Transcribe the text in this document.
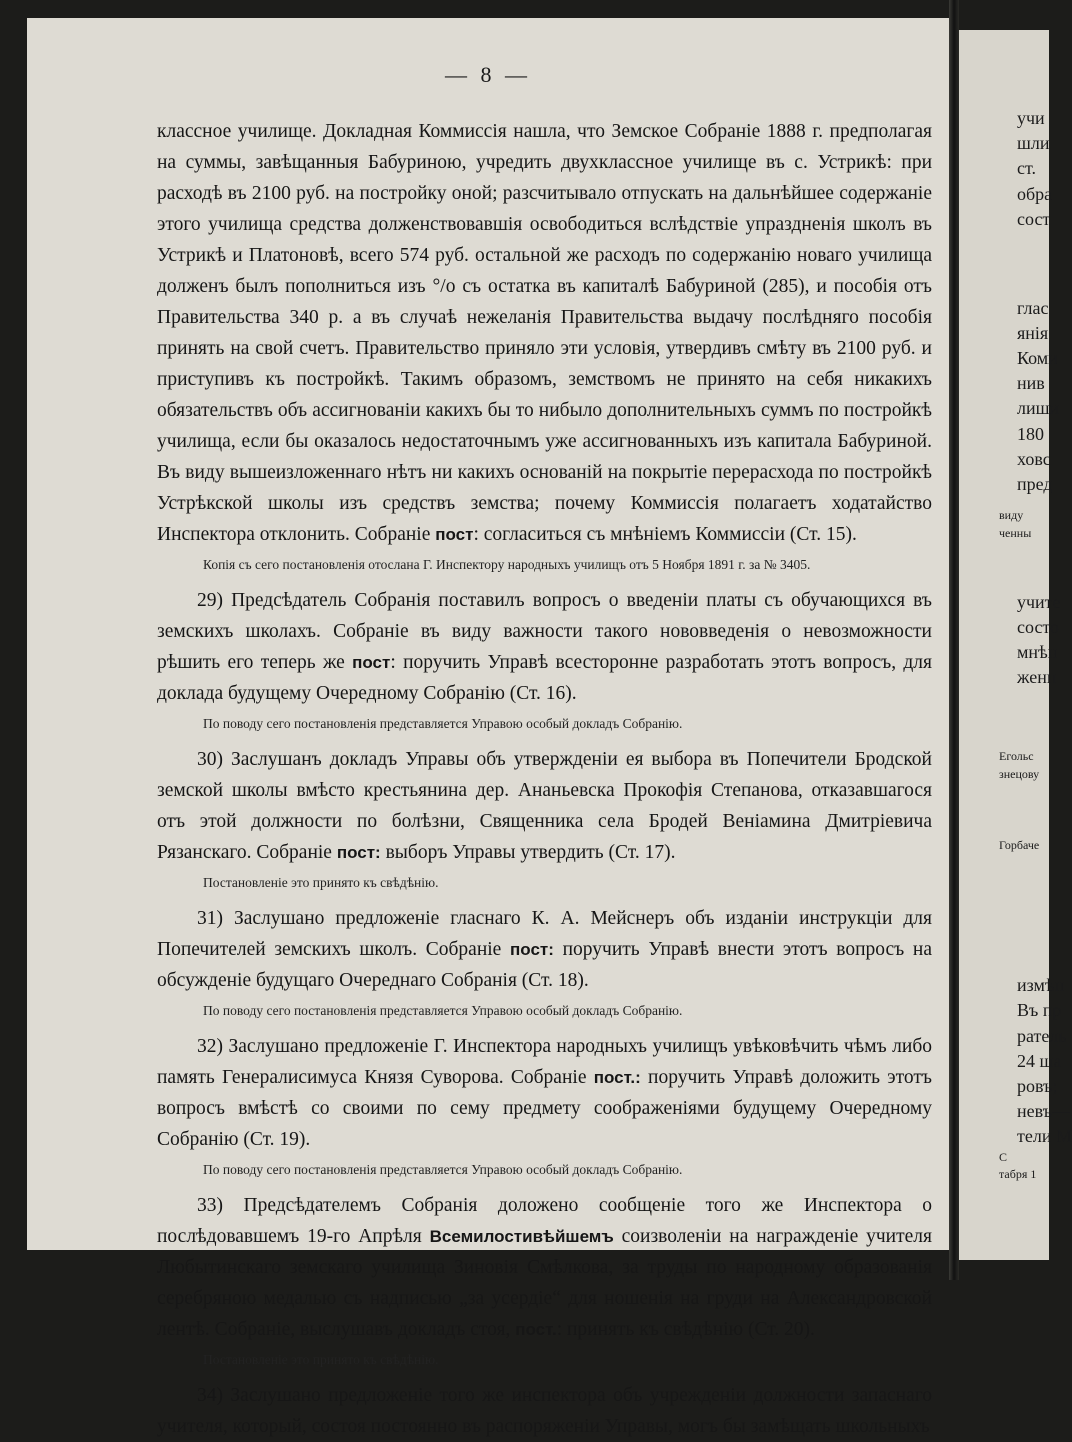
— 8 —

классное училище. Докладная Коммиссія нашла, что Земское Собраніе 1888 г. предполагая на суммы, завѣщанныя Бабуриною, учредить двухклассное училище въ с. Устрикѣ: при расходѣ въ 2100 руб. на постройку оной; разсчитывало отпускать на дальнѣйшее содержаніе этого училища средства долженствовавшія освободиться вслѣдствіе упраздненія школъ въ Устрикѣ и Платоновѣ, всего 574 руб. остальной же расходъ по содержанію новаго училища долженъ былъ пополниться изъ °/о съ остатка въ капиталѣ Бабуриной (285), и пособія отъ Правительства 340 р. а въ случаѣ нежеланія Правительства выдачу послѣдняго пособія принять на свой счетъ. Правительство приняло эти условія, утвердивъ смѣту въ 2100 руб. и приступивъ къ постройкѣ. Такимъ образомъ, земствомъ не принято на себя никакихъ обязательствъ объ ассигнованіи какихъ бы то нибыло дополнительныхъ суммъ по постройкѣ училища, если бы оказалось недостаточнымъ уже ассигнованныхъ изъ капитала Бабуриной. Въ виду вышеизложеннаго нѣтъ ни какихъ основаній на покрытіе перерасхода по постройкѣ Устрѣкской школы изъ средствъ земства; почему Коммиссія полагаетъ ходатайство Инспектора отклонить. Собраніе пост: согласиться съ мнѣніемъ Коммиссіи (Ст. 15).

Копія съ сего постановленія отослана Г. Инспектору народныхъ училищъ отъ 5 Ноября 1891 г. за № 3405.

29) Предсѣдатель Собранія поставилъ вопросъ о введеніи платы съ обучающихся въ земскихъ школахъ. Собраніе въ виду важности такого нововведенія о невозможности рѣшить его теперь же пост: поручить Управѣ всесторонне разработать этотъ вопросъ, для доклада будущему Очередному Собранію (Ст. 16).

По поводу сего постановленія представляется Управою особый докладъ Собранію.

30) Заслушанъ докладъ Управы объ утвержденіи ея выбора въ Попечители Бродской земской школы вмѣсто крестьянина дер. Ананьевска Прокофія Степанова, отказавшагося отъ этой должности по болѣзни, Священника села Бродей Веніамина Дмитріевича Рязанскаго. Собраніе пост: выборъ Управы утвердить (Ст. 17).

Постановленіе это принято къ свѣдѣнію.

31) Заслушано предложеніе гласнаго К. А. Мейснеръ объ изданіи инструкціи для Попечителей земскихъ школъ. Собраніе пост: поручить Управѣ внести этотъ вопросъ на обсужденіе будущаго Очереднаго Собранія (Ст. 18).

По поводу сего постановленія представляется Управою особый докладъ Собранію.

32) Заслушано предложеніе Г. Инспектора народныхъ училищъ увѣковѣчить чѣмъ либо память Генералисимуса Князя Суворова. Собраніе пост.: поручить Управѣ доложить этотъ вопросъ вмѣстѣ со своими по сему предмету соображеніями будущему Очередному Собранію (Ст. 19).

По поводу сего постановленія представляется Управою особый докладъ Собранію.

33) Предсѣдателемъ Собранія доложено сообщеніе того же Инспектора о послѣдовавшемъ 19-го Апрѣля Всемилостивѣйшемъ соизволеніи на награжденіе учителя Любытинскаго земскаго училища Зиновія Смѣлкова, за труды по народному образованія серебряною медалью съ надписью „за усердіе“ для ношенія на груди на Александровской лентѣ. Собраніе, выслушавъ докладъ стоя, пост.: принять къ свѣдѣнію (Ст. 20).

Постановленіе это принято къ свѣдѣнію.

34) Заслушано предложеніе того же инспектора объ учрежденіи должности запаснаго учителя, который, состоя постоянно въ распоряженіи Управы, могъ бы замѣщать школьныхъ

учи
шли
ст.
обра
сост
глас
янія
Коми
нив
лиши
180
ховс
пред
виду
ченны
учите
состо
мнѣн
женн
Егольс
знецову
Горбаче
измѣн
Въ пр
ратель
24 ша
ровъ;
невъ—
тели М
С
табря 1
